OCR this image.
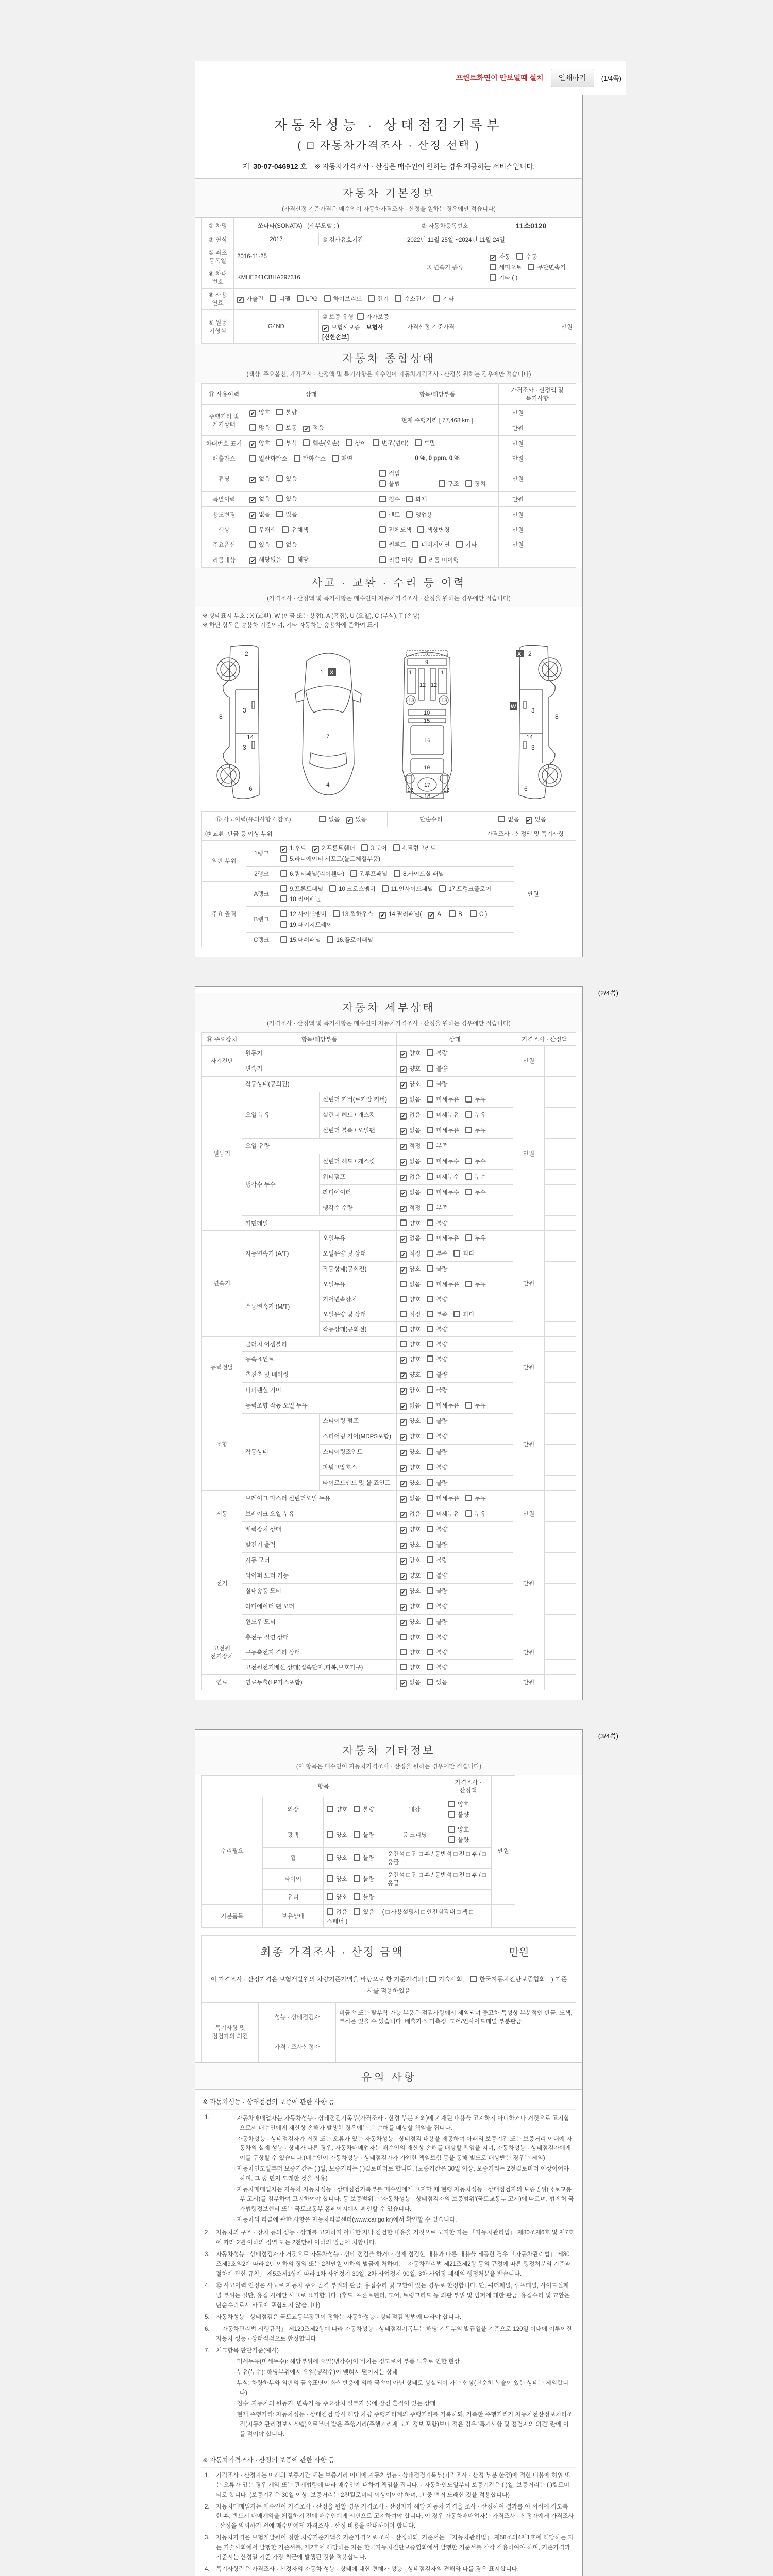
프린트화면이 안보일때 설치	인쇄하기	(1/4쪽)
자동차성능 · 상태점검기록부
( □ 자동차가격조사 · 산정 선택 )
제 30-07-046912 호 ※ 자동차가격조사 · 산정은 매수인이 원하는 경우 제공하는 서비스입니다.
자동차 기본정보
(가격산정 기준가격은 매수인이 자동차가격조사 · 산정을 원하는 경우에만 적습니다)
① 차명	쏘나타(SONATA) (세부모델 : )		② 자동차등록번호	11소0120
③ 연식	2017	④ 검사유효기간	2022년 11월 25일 ~2024년 11월 24일	
⑤ 최초 등록일	2016-11-25		⑦ 변속기 종류	✔ 자동 수동세미오토 무단변속기기타 ( )
⑥ 차대 번호	KMHE241CBHA297316			
⑧ 사용 연료	✔ 가솔린 디젤 LPG 하이브리드 전기 수소전기 기타			
⑨ 원동 기형식	G4ND	⑩ 보증 유형 자가보증✔ 보험사보증 보험사[신한손보]	가격산정 기준가격	만원
자동차 종합상태
(색상, 주요옵션, 가격조사 · 산정액 및 특기사항은 매수인이 자동차가격조사 · 산정을 원하는 경우에만 적습니다)
⑪ 사용이력	상태	항목/해당부품	가격조사 · 산정액 및 특기사항	
주행거리 및 계기상태	✔ 양호 불량	현재 주행거리 [ 77,468 km ]	만원	
	많음 보통 ✔ 적음		만원	
차대번호 표기	✔ 양호 부식 훼손(오손) 상이 변조(변타) 도말		만원	
배출가스	일산화탄소 탄화수소 매연	0 %, 0 ppm, 0 %	만원	
튜닝	✔ 없음 있음	적법불법 구조 장치	만원	
특별이력	✔ 없음 있음	침수 화재	만원	
용도변경	✔ 없음 있음	렌트 영업용	만원	
색상	무채색 유채색	전체도색 색상변경	만원	
주요옵션	있음 없음	썬루프 네비게이션 기타	만원	
리콜대상	✔ 해당없음 해당	리콜 이행 리콜 미이행		
사고 · 교환 · 수리 등 이력
(가격조사 · 산정액 및 특기사항은 매수인이 자동차가격조사 · 산정을 원하는 경우에만 적습니다)
※ 상태표시 부호 : X (교환), W (판금 또는 용접), A (흠집), U (요철), C (부식), T (손상)
※ 하단 항목은 승용차 기준이며, 기타 자동차는 승용차에 준하여 표시
2
8
3
14
3
6
1
7
4
X
5
9
11	11
12 12
13	13
10
15
16
19
17
12	12
18
2
8
3
14
3
6
X
W
⑫ 사고이력(유의사항 4.참조)	없음 ✔ 있음	단순수리	없음 ✔ 있음
⑬ 교환, 판금 등 이상 부위			가격조사 · 산정액 및 특기사항
외판 부위	1랭크	✔ 1.후드 ✔ 2.프론트휀더 3.도어 4.트렁크리드5.라디에이터 서포트(볼트체결부품)	만원	
	2랭크	6.쿼터패널(리어휀다) 7.루프패널 8.사이드실 패널		
주요 골격	A랭크	9.프론트패널 10.크로스멤버 11.인사이드패널 17.트렁크플로어18.리어패널		
	B랭크	12.사이드멤버 13.휠하우스 ✔ 14.필러패널( ✔ A, B, C )19.패키지트레이		
	C랭크	15.대쉬패널 16.플로어패널		
(2/4쪽)
자동차 세부상태
(가격조사 · 산정액 및 특기사항은 매수인이 자동차가격조사 · 산정을 원하는 경우에만 적습니다)
⑭ 주요장치	항목/해당부품		상태	가격조사 · 산정액	
자기진단	원동기		✔ 양호 불량	만원	
	변속기		✔ 양호 불량		
원동기	작동상태(공회전)		✔ 양호 불량	만원	
	오일 누유	실린더 커버(로커암 커버)	✔ 없음 미세누유 누유		
		실린더 헤드 / 개스킷	✔ 없음 미세누유 누유		
		실린더 블록 / 오일팬	✔ 없음 미세누유 누유		
	오일 유량		✔ 적정 부족		
	냉각수 누수	실린더 헤드 / 개스킷	✔ 없음 미세누수 누수		
		워터펌프	✔ 없음 미세누수 누수		
		라디에이터	✔ 없음 미세누수 누수		
		냉각수 수량	✔ 적정 부족		
	커먼레일		양호 불량		
변속기	자동변속기 (A/T)	오일누유	✔ 없음 미세누유 누유	만원	
		오일유량 및 상태	✔ 적정 부족 과다		
		작동상태(공회전)	✔ 양호 불량		
	수동변속기 (M/T)	오일누유	없음 미세누유 누유		
		기어변속장치	양호 불량		
		오일유량 및 상태	적정 부족 과다		
		작동상태(공회전)	양호 불량		
동력전달	클러치 어셈블리		양호 불량	만원	
	등속죠인트		✔ 양호 불량		
	추진축 및 베어링		✔ 양호 불량		
	디퍼렌셜 기어		✔ 양호 불량		
조향	동력조향 작동 오일 누유		✔ 없음 미세누유 누유	만원	
	작동상태	스티어링 펌프	✔ 양호 불량		
		스티어링 기어(MDPS포함)	✔ 양호 불량		
		스티어링조인트	✔ 양호 불량		
		파워고압호스	✔ 양호 불량		
		타이로드엔드 및 볼 죠인트	✔ 양호 불량		
제동	브레이크 마스터 실린더오일 누유		✔ 없음 미세누유 누유	만원	
	브레이크 오일 누유		✔ 없음 미세누유 누유		
	배력장치 상태		✔ 양호 불량		
전기	발전기 출력		✔ 양호 불량	만원	
	시동 모터		✔ 양호 불량		
	와이퍼 모터 기능		✔ 양호 불량		
	실내송풍 모터		✔ 양호 불량		
	라디에이터 팬 모터		✔ 양호 불량		
	윈도우 모터		✔ 양호 불량		
고전원 전기장치	충전구 절연 상태		양호 불량	만원	
	구동축전지 격리 상태		양호 불량		
	고전원전기배선 상태(접속단자,피복,보호기구)		양호 불량		
연료	연료누출(LP가스포함)		✔ 없음 있음	만원	
(3/4쪽)
자동차 기타정보
(이 항목은 매수인이 자동차가격조사 · 산정을 원하는 경우에만 적습니다)
항목				가격조사 · 산정액		
수리필요	외장	양호 불량	내장	양호불량	만원	
	광택	양호 불량	룸 크리닝	양호불량		
	휠	양호 불량	운전석 □ 전 □ 후 / 동반석 □ 전 □ 후 / □ 응급			
	타이어	양호 불량	운전석 □ 전 □ 후 / 동반석 □ 전 □ 후 / □ 응급			
	유리	양호 불량				
기본품목	보유상태	없음 있음 ( □ 사용설명서 □ 안전삼각대 □ 잭 □ 스패너 )				
최종 가격조사 · 산정 금액	만원
이 가격조사 · 산정가격은 보험개발원의 차량기준가액을 바탕으로 한 기준가격과 ( 기술사회,	한국자동차진단보증협회 ) 기준서를 적용하였음
특기사항 및 점검자의 의견	성능 · 상태점검자	비금속 또는 탈부착 가능 부품은 점검사항에서 제외되며 중고차 특성상 부분적인 판금, 도색, 부식은 있을 수 있습니다. 배출가스 미측정. 도어/인사이드패널 부분판금
	가격 · 조사산정자	
유의 사항
※ 자동차성능 · 상태점검의 보증에 관한 사항 등
1.	∙ 자동차매매업자는 자동차성능 · 상태점검기록부(가격조사 · 산정 부분 제외)에 기재된 내용을 고지하지 아니하거나 거짓으로 고지함으로써 매수인에게 재산상 손해가 발생한 경우에는 그 손해를 배상할 책임을 집니다.
∙ 자동차성능 · 상태점검자가 거짓 또는 오류가 있는 자동차성능 · 상태점검 내용을 제공하여 아래의 보증기간 또는 보증거리 이내에 자동차의 실제 성능 · 상태가 다른 경우, 자동차매매업자는 매수인의 재산상 손해를 배상할 책임을 지며, 자동차성능 · 상태점검자에게 이를 구상할 수 있습니다.(매수인이 자동차성능 · 상태점검자가 가입한 책임보험 등을 통해 별도로 배상받는 경우는 제외)
∙ 자동차인도일부터 보증기간은 ( )일, 보증거리는 ( )킬로미터로 합니다. (보증기간은 30일 이상, 보증거리는 2천킬로미터 이상이어야 하며, 그 중 먼저 도래한 것을 적용)
∙ 자동차매매업자는 자동차 자동차성능 · 상태점검기록부를 매수인에게 고지할 때 현행 자동차성능 · 상태점검자의 보증범위(국토교통부 고시)를 첨부하여 고지하여야 합니다. 동 보증범위는 '자동차성능 · 상태점검자의 보증범위'(국토교통부 고시)에 따르며, 법제처 국가법령정보센터 또는 국토교통부 홈페이지에서 확인할 수 있습니다.
∙ 자동차의 리콜에 관한 사항은 자동차리콜센터(www.car.go.kr)에서 확인할 수 있습니다.
2.	자동차의 구조 · 장치 등의 성능 · 상태를 고지하지 아니한 자나 점검한 내용을 거짓으로 고지한 자는 「자동차관리법」 제80조제6호 및 제7호에 따라 2년 이하의 징역 또는 2천만원 이하의 벌금에 처합니다.
3.	자동차성능 · 상태점검자가 거짓으로 자동차성능 · 상태 점검을 하거나 실제 점검한 내용과 다른 내용을 제공한 경우 「자동차관리법」 제80조제9호의2에 따라 2년 이하의 징역 또는 2천만원 이하의 벌금에 처하며, 「자동차관리법 제21조제2항 등의 규정에 따른 행정처분의 기준과 절차에 관한 규칙」 제5조제1항에 따라 1차 사업정지 30일, 2차 사업정지 90일, 3차 사업장 폐쇄의 행정처분을 받습니다.
4.	⑫ 사고이력 인정은 사고로 자동차 주요 골격 부위의 판금, 용접수리 및 교환이 있는 경우로 한정합니다. 단, 쿼터패널, 루프패널, 사이드실패널 부위는 절단, 용접 시에만 사고로 표기합니다. (후드, 프론트펜더, 도어, 트렁크리드 등 외판 부위 및 범퍼에 대한 판금, 용접수리 및 교환은 단순수리로서 사고에 포함되지 않습니다)
5.	자동차성능 · 상태점검은 국토교통부장관이 정하는 자동차성능 · 상태점검 방법에 따라야 합니다.
6.	「자동차관리법 시행규칙」 제120조제2항에 따라 자동차성능 · 상태점검기록부는 해당 기록부의 발급일을 기준으로 120일 이내에 이루어진 자동차 성능 · 상태점검으로 한정합니다
7.	체크항목 판단기준(예시)
∙ 미세누유(미세누수): 해당부위에 오일(냉각수)이 비치는 정도로서 부품 노후로 인한 현상
∙ 누유(누수): 해당부위에서 오일(냉각수)이 맺혀서 떨어지는 상태
∙ 부식: 차량하부와 외판의 금속표면이 화학반응에 의해 금속이 아닌 상태로 상실되어 가는 현상(단순히 녹슬어 있는 상태는 제외합니다)
∙ 침수: 자동차의 원동기, 변속기 등 주요장치 일부가 물에 잠긴 흔적이 있는 상태
∙ 현재 주행거리: 자동차성능 · 상태점검 당시 해당 차량 주행거리계의 주행거리를 기록하되, 기록한 주행거리가 자동차전산정보처리조직(자동차관리정보시스템)으로부터 받은 주행거리(주행거리계 교체 정보 포함)보다 적은 경우 '특기사항 및 점검자의 의견' 란에 이를 적어야 합니다.
※ 자동차가격조사 · 산정의 보증에 관한 사항 등
1.	가격조사 · 산정자는 아래의 보증기간 또는 보증거리 이내에 자동차성능 · 상태점검기록부(가격조사 · 산정 부분 한정)에 적힌 내용에 허위 또는 오류가 있는 경우 계약 또는 관계법령에 따라 매수인에 대하여 책임을 집니다. · 자동차인도일부터 보증기간은 ( )일, 보증거리는 ( )킬로미터로 합니다. (보증기간은 30일 이상, 보증거리는 2천킬로미터 이상이어야 하며, 그 중 먼저 도래한 것을 적용합니다)
2.	자동차매매업자는 매수인이 가격조사 · 산정을 원할 경우 가격조사 · 산정자가 해당 자동차 가격을 조사 · 산정하여 결과를 이 서식에 적도록 한 후, 반드시 매매계약을 체결하기 전에 매수인에게 서면으로 고지하여야 합니다. 이 경우 자동차매매업자는 가격조사 · 산정자에게 가격조사 · 산정을 의뢰하기 전에 매수인에게 가격조사 · 산정 비용을 안내하여야 합니다.
3.	자동차가격은 보험개발원이 정한 차량기준가액을 기준가격으로 조사 · 산정하되, 기준서는 「자동차관리법」 제58조의4제1호에 해당하는 자는 기술사회에서 발행한 기준서를, 제2호에 해당하는 자는 한국자동차진단보증협회에서 발행한 기준서를 각각 적용하여야 하며, 기준가격과 기준서는 산정일 기준 가장 최근에 발행된 것을 적용합니다.
4.	특기사항란은 가격조사 · 산정자의 자동차 성능 · 상태에 대한 견해가 성능 · 상태점검자의 견해와 다를 경우 표시합니다.
